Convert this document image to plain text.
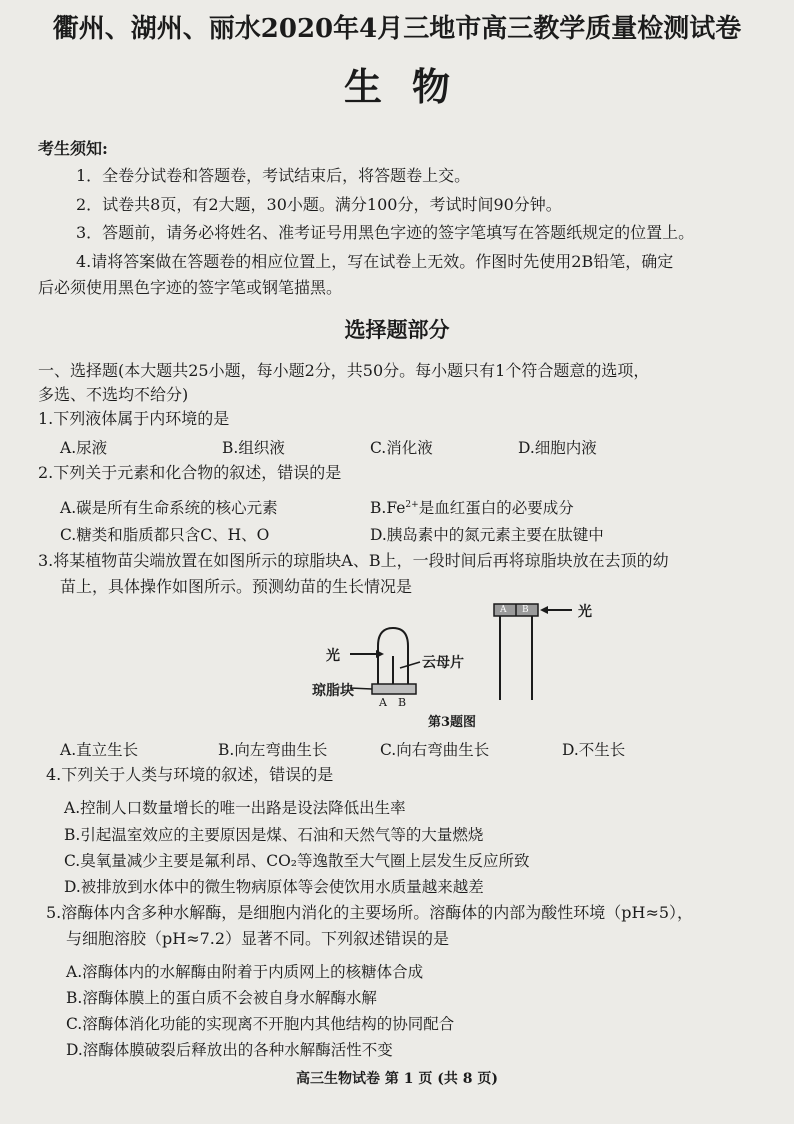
衢州、湖州、丽水2020年4月三地市高三教学质量检测试卷
生物
考生须知:
1．全卷分试卷和答题卷，考试结束后，将答题卷上交。
2．试卷共8页，有2大题，30小题。满分100分，考试时间90分钟。
3．答题前，请务必将姓名、准考证号用黑色字迹的签字笔填写在答题纸规定的位置上。
4.请将答案做在答题卷的相应位置上，写在试卷上无效。作图时先使用2B铅笔，确定
后必须使用黑色字迹的签字笔或钢笔描黑。
选择题部分
一、选择题(本大题共25小题，每小题2分，共50分。每小题只有1个符合题意的选项，
多选、不选均不给分)
1.下列液体属于内环境的是
A.尿液	B.组织液	C.消化液	D.细胞内液
2.下列关于元素和化合物的叙述，错误的是
A.碳是所有生命系统的核心元素	$B.Fe^{2+}$是血红蛋白的必要成分
C.糖类和脂质都只含C、H、O	D.胰岛素中的氮元素主要在肽键中
3.将某植物苗尖端放置在如图所示的琼脂块A、B上，一段时间后再将琼脂块放在去顶的幼
苗上，具体操作如图所示。预测幼苗的生长情况是
光	云母片
琼脂块
A B
A B	光
第3题图
A.直立生长	B.向左弯曲生长	C.向右弯曲生长	D.不生长
4.下列关于人类与环境的叙述，错误的是
A.控制人口数量增长的唯一出路是设法降低出生率
B.引起温室效应的主要原因是煤、石油和天然气等的大量燃烧
C.臭氧量减少主要是氟利昂、CO₂等逸散至大气圈上层发生反应所致
D.被排放到水体中的微生物病原体等会使饮用水质量越来越差
5.溶酶体内含多种水解酶，是细胞内消化的主要场所。溶酶体的内部为酸性环境（pH≈5），
与细胞溶胶（pH≈7.2）显著不同。下列叙述错误的是
A.溶酶体内的水解酶由附着于内质网上的核糖体合成
B.溶酶体膜上的蛋白质不会被自身水解酶水解
C.溶酶体消化功能的实现离不开胞内其他结构的协同配合
D.溶酶体膜破裂后释放出的各种水解酶活性不变
高三生物试卷 第 1 页 (共 8 页)
